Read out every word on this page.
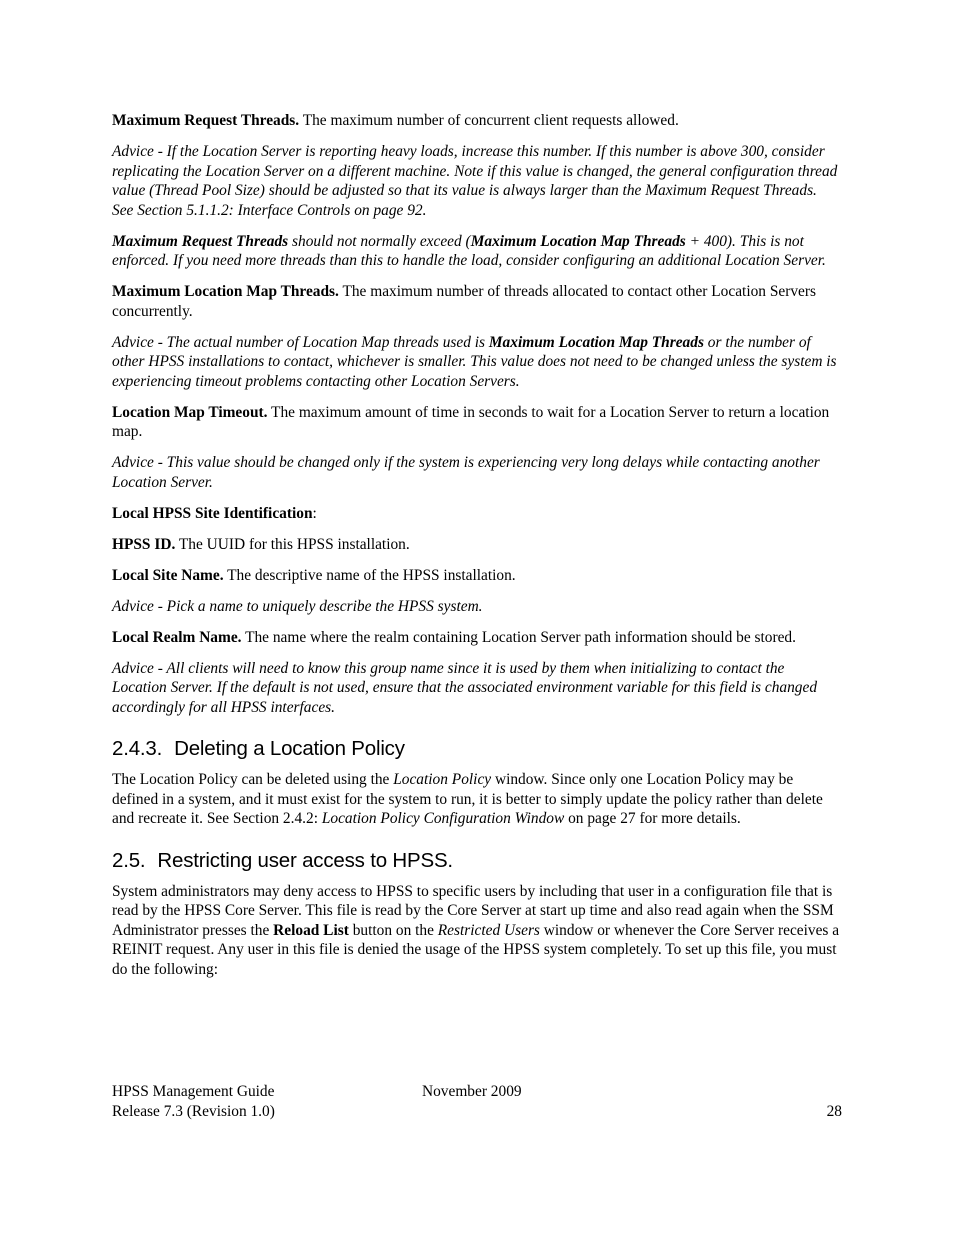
Maximum Request Threads. The maximum number of concurrent client requests allowed.

Advice - If the Location Server is reporting heavy loads, increase this number. If this number is above 300, consider replicating the Location Server on a different machine. Note if this value is changed, the general configuration thread value (Thread Pool Size) should be adjusted so that its value is always larger than the Maximum Request Threads. See Section 5.1.1.2: Interface Controls on page 92.

Maximum Request Threads should not normally exceed (Maximum Location Map Threads + 400). This is not enforced. If you need more threads than this to handle the load, consider configuring an additional Location Server.

Maximum Location Map Threads. The maximum number of threads allocated to contact other Location Servers concurrently.

Advice - The actual number of Location Map threads used is Maximum Location Map Threads or the number of other HPSS installations to contact, whichever is smaller. This value does not need to be changed unless the system is experiencing timeout problems contacting other Location Servers.

Location Map Timeout. The maximum amount of time in seconds to wait for a Location Server to return a location map.

Advice - This value should be changed only if the system is experiencing very long delays while contacting another Location Server.

Local HPSS Site Identification:

HPSS ID. The UUID for this HPSS installation.

Local Site Name. The descriptive name of the HPSS installation.

Advice - Pick a name to uniquely describe the HPSS system.

Local Realm Name. The name where the realm containing Location Server path information should be stored.

Advice - All clients will need to know this group name since it is used by them when initializing to contact the Location Server. If the default is not used, ensure that the associated environment variable for this field is changed accordingly for all HPSS interfaces.

2.4.3. Deleting a Location Policy

The Location Policy can be deleted using the Location Policy window. Since only one Location Policy may be defined in a system, and it must exist for the system to run, it is better to simply update the policy rather than delete and recreate it. See Section 2.4.2: Location Policy Configuration Window on page 27 for more details.

2.5. Restricting user access to HPSS.

System administrators may deny access to HPSS to specific users by including that user in a configuration file that is read by the HPSS Core Server. This file is read by the Core Server at start up time and also read again when the SSM Administrator presses the Reload List button on the Restricted Users window or whenever the Core Server receives a REINIT request. Any user in this file is denied the usage of the HPSS system completely. To set up this file, you must do the following:

HPSS Management Guide	November 2009
Release 7.3 (Revision 1.0)	28
